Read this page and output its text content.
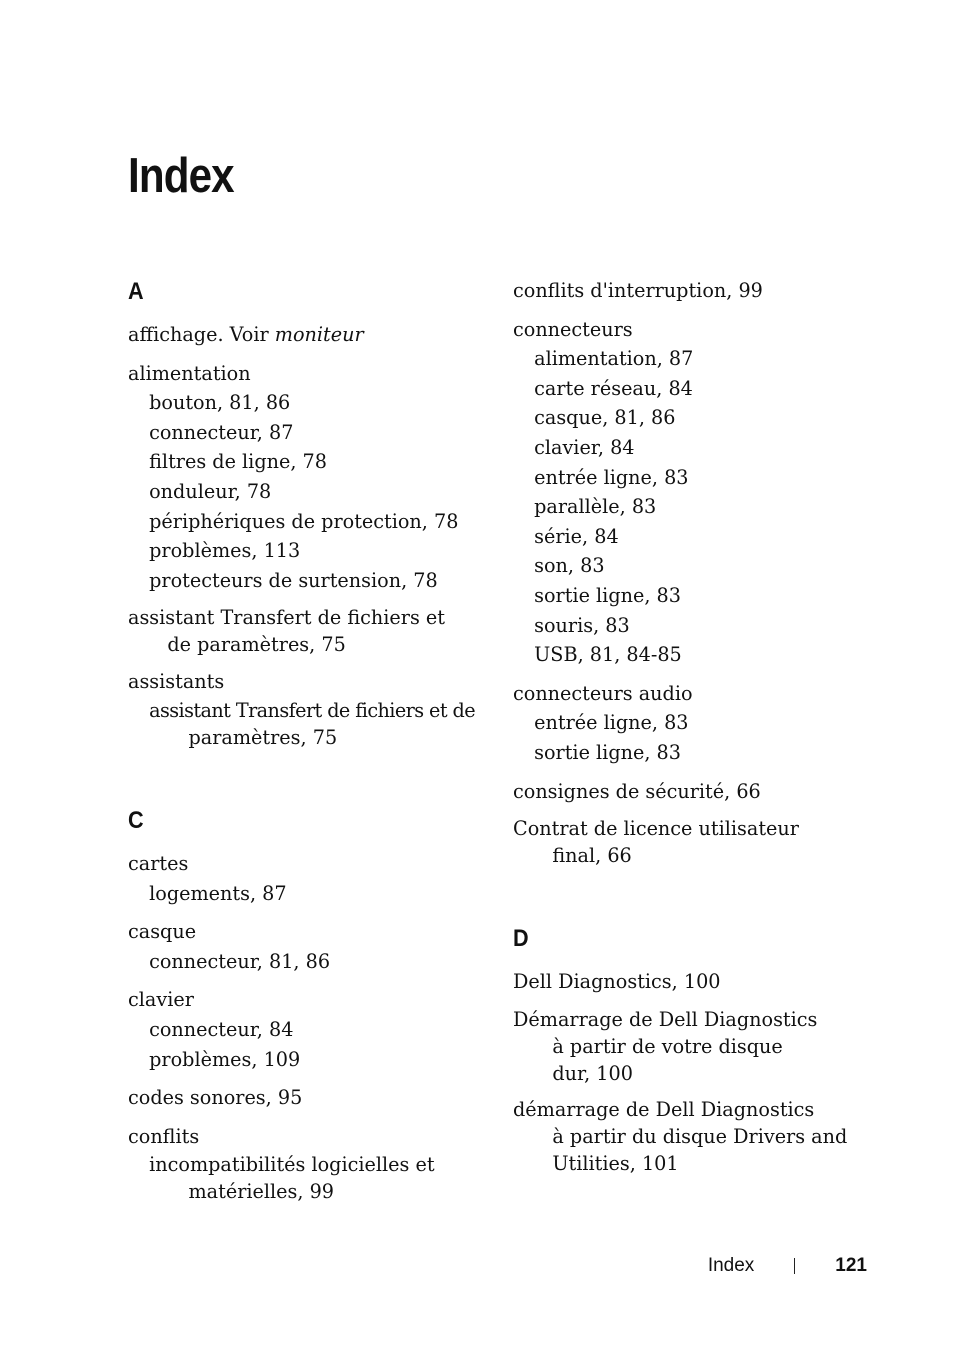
Index
A
affichage. Voir moniteur
alimentation
bouton, 81, 86
connecteur, 87
filtres de ligne, 78
onduleur, 78
périphériques de protection, 78
problèmes, 113
protecteurs de surtension, 78
assistant Transfert de fichiers et
de paramètres, 75
assistants
assistant Transfert de fichiers et de
paramètres, 75
C
cartes
logements, 87
casque
connecteur, 81, 86
clavier
connecteur, 84
problèmes, 109
codes sonores, 95
conflits
incompatibilités logicielles et
matérielles, 99
conflits d'interruption, 99
connecteurs
alimentation, 87
carte réseau, 84
casque, 81, 86
clavier, 84
entrée ligne, 83
parallèle, 83
série, 84
son, 83
sortie ligne, 83
souris, 83
USB, 81, 84-85
connecteurs audio
entrée ligne, 83
sortie ligne, 83
consignes de sécurité, 66
Contrat de licence utilisateur
final, 66
D
Dell Diagnostics, 100
Démarrage de Dell Diagnostics
à partir de votre disque
dur, 100
démarrage de Dell Diagnostics
à partir du disque Drivers and
Utilities, 101
Index	121
